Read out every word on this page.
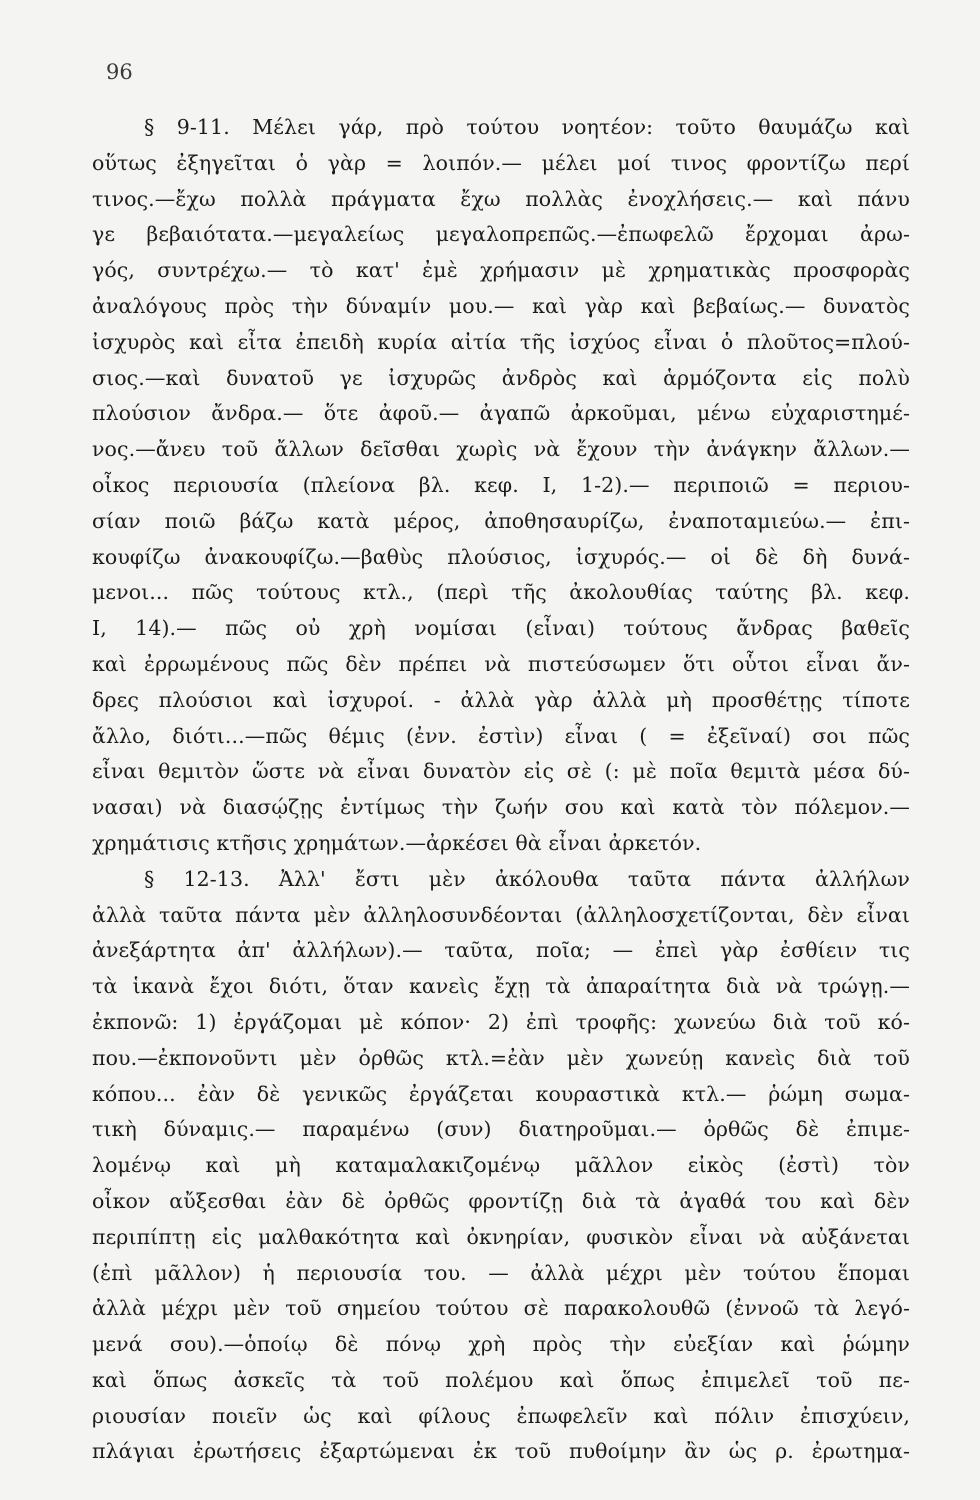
96
§ 9-11. Μέλει γάρ, πρὸ τούτου νοητέον: τοῦτο θαυμάζω καὶ
οὕτως ἐξηγεῖται ὁ γὰρ = λοιπόν.— μέλει μοί τινος φροντίζω περί
τινος.—ἔχω πολλὰ πράγματα ἔχω πολλὰς ἐνοχλήσεις.— καὶ πάνυ
γε βεβαιότατα.—μεγαλείως μεγαλοπρεπῶς.—ἐπωφελῶ ἔρχομαι ἀρω-
γός, συντρέχω.— τὸ κατ' ἐμὲ χρήμασιν μὲ χρηματικὰς προσφορὰς
ἀναλόγους πρὸς τὴν δύναμίν μου.— καὶ γὰρ καὶ βεβαίως.— δυνατὸς
ἰσχυρὸς καὶ εἶτα ἐπειδὴ κυρία αἰτία τῆς ἰσχύος εἶναι ὁ πλοῦτος=πλού-
σιος.—καὶ δυνατοῦ γε ἰσχυρῶς ἀνδρὸς καὶ ἁρμόζοντα εἰς πολὺ
πλούσιον ἄνδρα.— ὅτε ἀφοῦ.— ἀγαπῶ ἀρκοῦμαι, μένω εὐχαριστημέ-
νος.—ἄνευ τοῦ ἄλλων δεῖσθαι χωρὶς νὰ ἔχουν τὴν ἀνάγκην ἄλλων.—
οἶκος περιουσία (πλείονα βλ. κεφ. I, 1-2).— περιποιῶ = περιου-
σίαν ποιῶ βάζω κατὰ μέρος, ἀποθησαυρίζω, ἐναποταμιεύω.— ἐπι-
κουφίζω ἀνακουφίζω.—βαθὺς πλούσιος, ἰσχυρός.— οἱ δὲ δὴ δυνά-
μενοι... πῶς τούτους κτλ., (περὶ τῆς ἀκολουθίας ταύτης βλ. κεφ.
I, 14).— πῶς οὐ χρὴ νομίσαι (εἶναι) τούτους ἄνδρας βαθεῖς
καὶ ἐρρωμένους πῶς δὲν πρέπει νὰ πιστεύσωμεν ὅτι οὗτοι εἶναι ἄν-
δρες πλούσιοι καὶ ἰσχυροί. - ἀλλὰ γὰρ ἀλλὰ μὴ προσθέτῃς τίποτε
ἄλλο, διότι...—πῶς θέμις (ἐνν. ἐστὶν) εἶναι ( = ἐξεῖναί) σοι πῶς
εἶναι θεμιτὸν ὥστε νὰ εἶναι δυνατὸν εἰς σὲ (: μὲ ποῖα θεμιτὰ μέσα δύ-
νασαι) νὰ διασῴζῃς ἐντίμως τὴν ζωήν σου καὶ κατὰ τὸν πόλεμον.—
χρημάτισις κτῆσις χρημάτων.—ἀρκέσει θὰ εἶναι ἀρκετόν.
§ 12-13. Ἀλλ' ἔστι μὲν ἀκόλουθα ταῦτα πάντα ἀλλήλων
ἀλλὰ ταῦτα πάντα μὲν ἀλληλοσυνδέονται (ἀλληλοσχετίζονται, δὲν εἶναι
ἀνεξάρτητα ἀπ' ἀλλήλων).— ταῦτα, ποῖα; — ἐπεὶ γὰρ ἐσθίειν τις
τὰ ἱκανὰ ἔχοι διότι, ὅταν κανεὶς ἔχῃ τὰ ἀπαραίτητα διὰ νὰ τρώγῃ.—
ἐκπονῶ: 1) ἐργάζομαι μὲ κόπον· 2) ἐπὶ τροφῆς: χωνεύω διὰ τοῦ κό-
που.—ἐκπονοῦντι μὲν ὀρθῶς κτλ.=ἐὰν μὲν χωνεύῃ κανεὶς διὰ τοῦ
κόπου... ἐὰν δὲ γενικῶς ἐργάζεται κουραστικὰ κτλ.— ῥώμη σωμα-
τικὴ δύναμις.— παραμένω (συν) διατηροῦμαι.— ὀρθῶς δὲ ἐπιμε-
λομένῳ καὶ μὴ καταμαλακιζομένῳ μᾶλλον εἰκὸς (ἐστὶ) τὸν
οἶκον αὔξεσθαι ἐὰν δὲ ὀρθῶς φροντίζῃ διὰ τὰ ἀγαθά του καὶ δὲν
περιπίπτῃ εἰς μαλθακότητα καὶ ὀκνηρίαν, φυσικὸν εἶναι νὰ αὐξάνεται
(ἐπὶ μᾶλλον) ἡ περιουσία του. — ἀλλὰ μέχρι μὲν τούτου ἕπομαι
ἀλλὰ μέχρι μὲν τοῦ σημείου τούτου σὲ παρακολουθῶ (ἐννοῶ τὰ λεγό-
μενά σου).—ὁποίῳ δὲ πόνῳ χρὴ πρὸς τὴν εὐεξίαν καὶ ῥώμην
καὶ ὅπως ἀσκεῖς τὰ τοῦ πολέμου καὶ ὅπως ἐπιμελεῖ τοῦ πε-
ριουσίαν ποιεῖν ὡς καὶ φίλους ἐπωφελεῖν καὶ πόλιν ἐπισχύειν,
πλάγιαι ἐρωτήσεις ἐξαρτώμεναι ἐκ τοῦ πυθοίμην ἂν ὡς ρ. ἐρωτημα-
